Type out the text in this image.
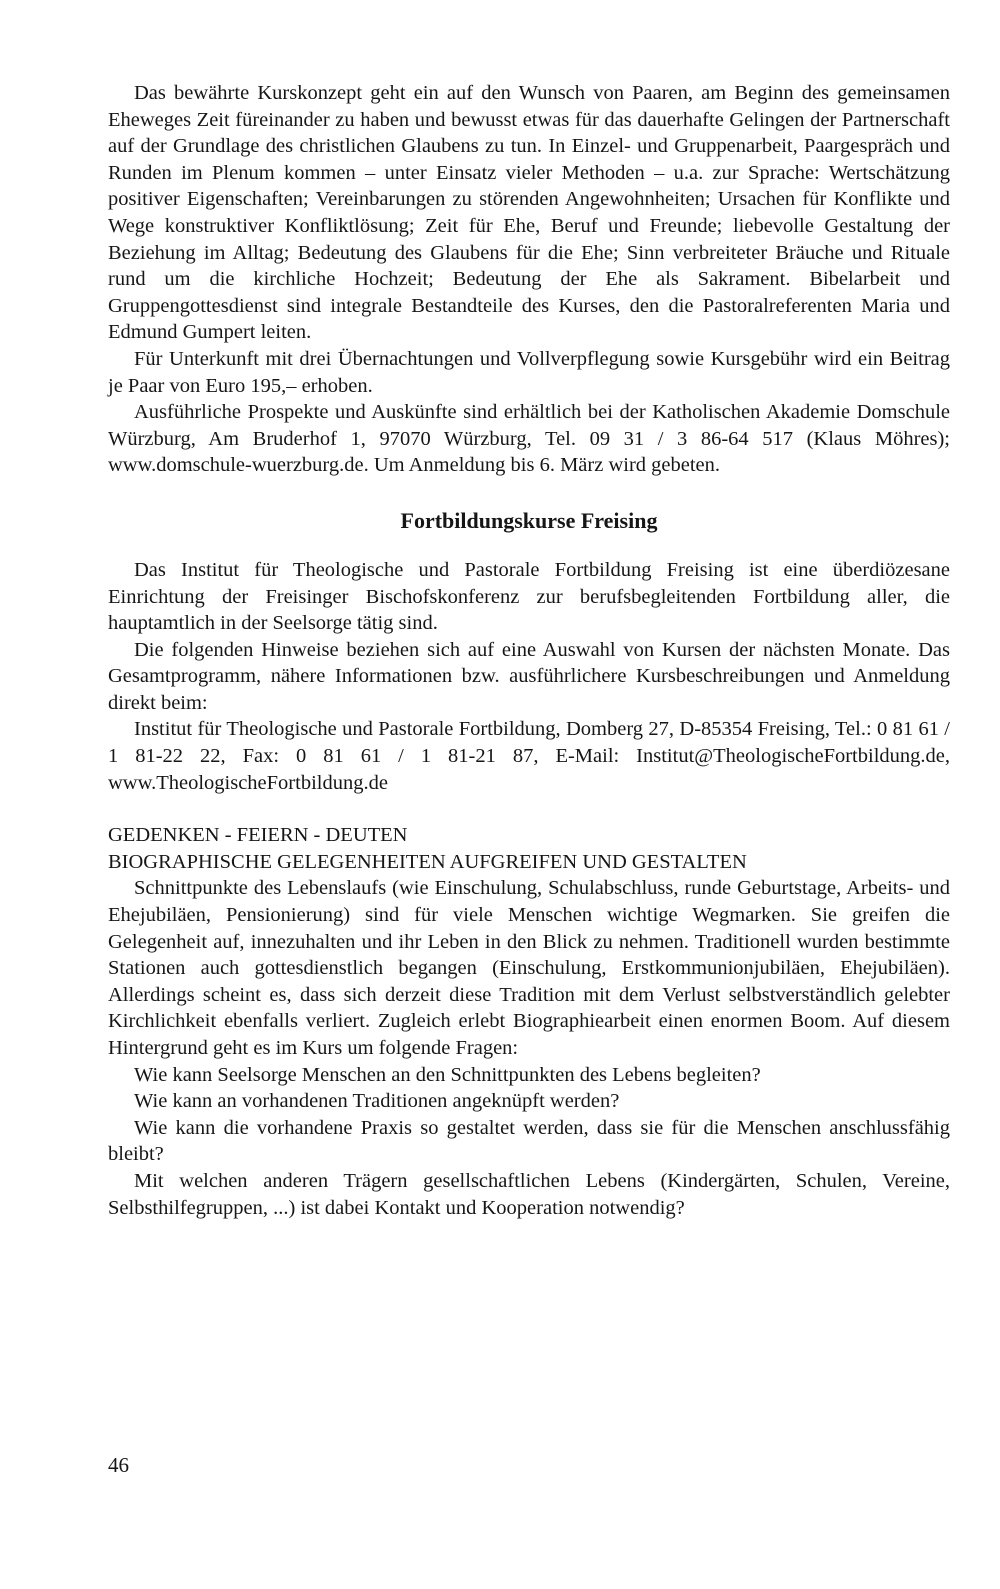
Das bewährte Kurskonzept geht ein auf den Wunsch von Paaren, am Beginn des gemeinsamen Eheweges Zeit füreinander zu haben und bewusst etwas für das dauerhafte Gelingen der Partnerschaft auf der Grundlage des christlichen Glaubens zu tun. In Einzel- und Gruppenarbeit, Paargespräch und Runden im Plenum kommen – unter Einsatz vieler Methoden – u.a. zur Sprache: Wertschätzung positiver Eigenschaften; Vereinbarungen zu störenden Angewohnheiten; Ursachen für Konflikte und Wege konstruktiver Konfliktlösung; Zeit für Ehe, Beruf und Freunde; liebevolle Gestaltung der Beziehung im Alltag; Bedeutung des Glaubens für die Ehe; Sinn verbreiteter Bräuche und Rituale rund um die kirchliche Hochzeit; Bedeutung der Ehe als Sakrament. Bibelarbeit und Gruppengottesdienst sind integrale Bestandteile des Kurses, den die Pastoralreferenten Maria und Edmund Gumpert leiten.

Für Unterkunft mit drei Übernachtungen und Vollverpflegung sowie Kursgebühr wird ein Beitrag je Paar von Euro 195,– erhoben.

Ausführliche Prospekte und Auskünfte sind erhältlich bei der Katholischen Akademie Domschule Würzburg, Am Bruderhof 1, 97070 Würzburg, Tel. 09 31 / 3 86-64 517 (Klaus Möhres); www.domschule-wuerzburg.de. Um Anmeldung bis 6. März wird gebeten.

Fortbildungskurse Freising

Das Institut für Theologische und Pastorale Fortbildung Freising ist eine überdiözesane Einrichtung der Freisinger Bischofskonferenz zur berufsbegleitenden Fortbildung aller, die hauptamtlich in der Seelsorge tätig sind.

Die folgenden Hinweise beziehen sich auf eine Auswahl von Kursen der nächsten Monate. Das Gesamtprogramm, nähere Informationen bzw. ausführlichere Kursbeschreibungen und Anmeldung direkt beim:

Institut für Theologische und Pastorale Fortbildung, Domberg 27, D-85354 Freising, Tel.: 0 81 61 / 1 81-22 22, Fax: 0 81 61 / 1 81-21 87, E-Mail: Institut@TheologischeFortbildung.de, www.TheologischeFortbildung.de

GEDENKEN - FEIERN - DEUTEN

BIOGRAPHISCHE GELEGENHEITEN AUFGREIFEN UND GESTALTEN

Schnittpunkte des Lebenslaufs (wie Einschulung, Schulabschluss, runde Geburtstage, Arbeits- und Ehejubiläen, Pensionierung) sind für viele Menschen wichtige Wegmarken. Sie greifen die Gelegenheit auf, innezuhalten und ihr Leben in den Blick zu nehmen. Traditionell wurden bestimmte Stationen auch gottesdienstlich begangen (Einschulung, Erstkommunionjubiläen, Ehejubiläen). Allerdings scheint es, dass sich derzeit diese Tradition mit dem Verlust selbstverständlich gelebter Kirchlichkeit ebenfalls verliert. Zugleich erlebt Biographiearbeit einen enormen Boom. Auf diesem Hintergrund geht es im Kurs um folgende Fragen:

Wie kann Seelsorge Menschen an den Schnittpunkten des Lebens begleiten?

Wie kann an vorhandenen Traditionen angeknüpft werden?

Wie kann die vorhandene Praxis so gestaltet werden, dass sie für die Menschen anschlussfähig bleibt?

Mit welchen anderen Trägern gesellschaftlichen Lebens (Kindergärten, Schulen, Vereine, Selbsthilfegruppen, ...) ist dabei Kontakt und Kooperation notwendig?

46
